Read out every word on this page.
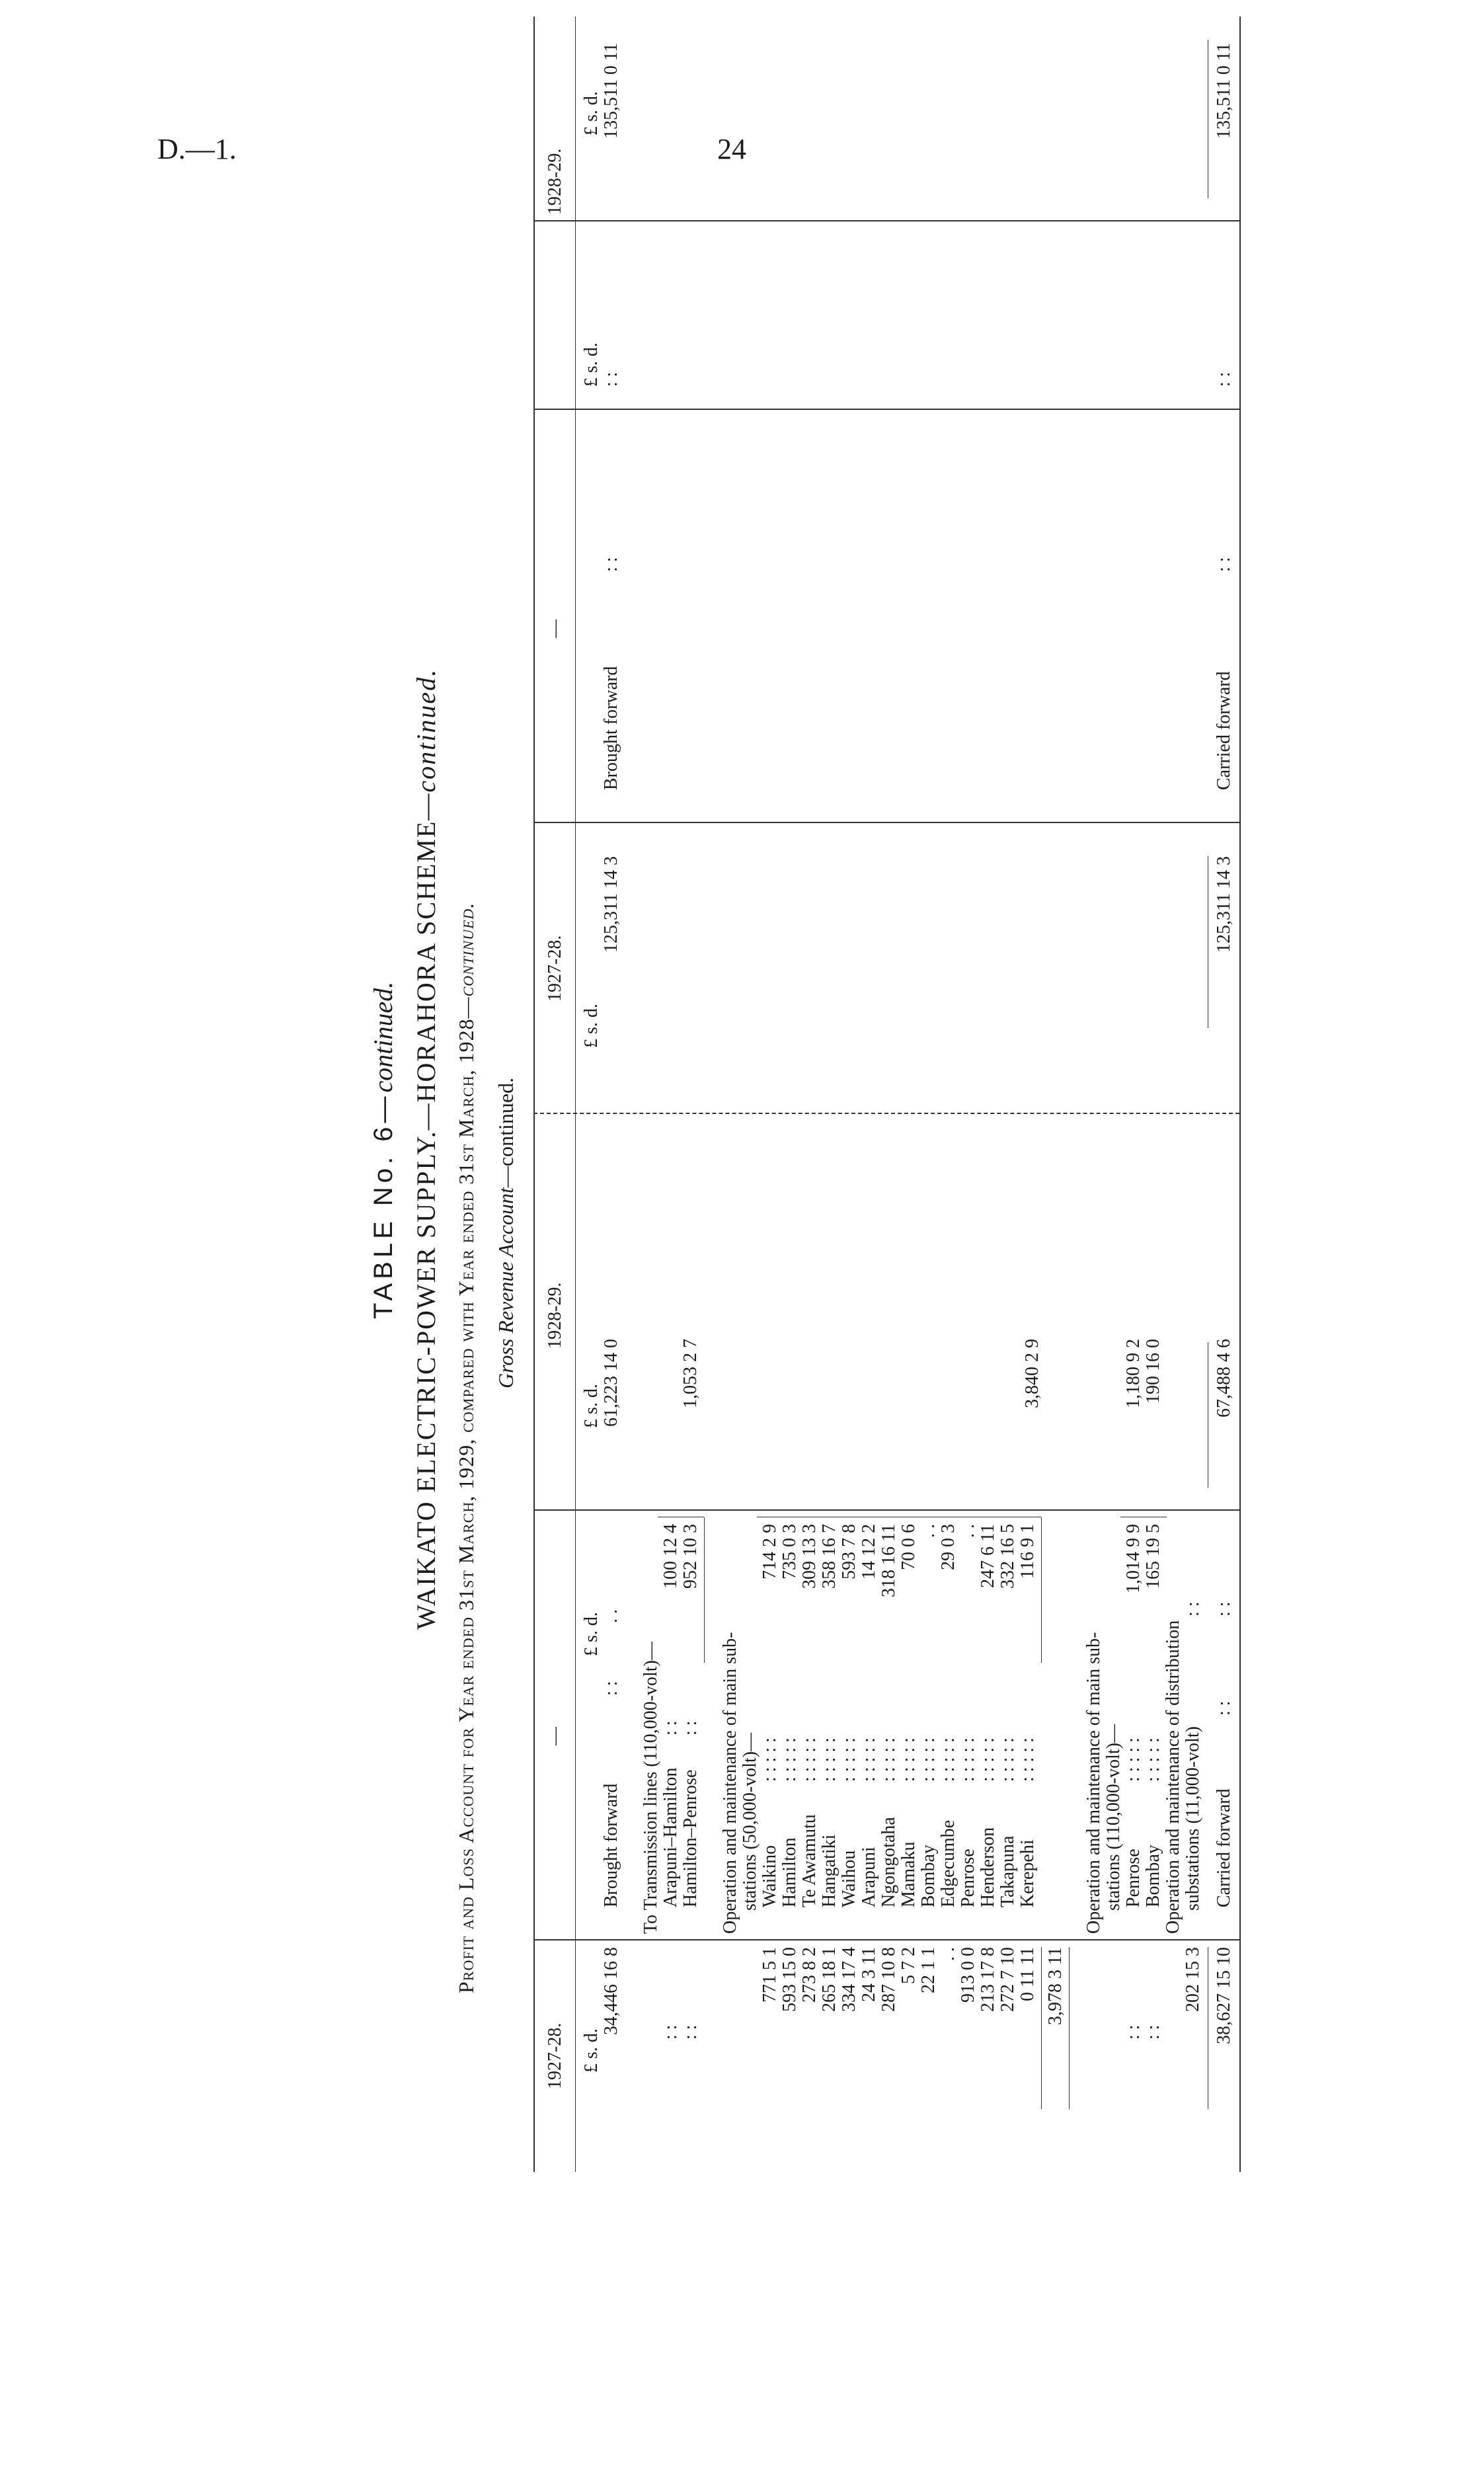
D.—1.	24
TABLE No. 6—continued. WAIKATO ELECTRIC-POWER SUPPLY.—HORAHORA SCHEME—continued.
Profit and Loss Account for Year ended 31st March, 1929, compared with Year ended 31st March, 1928—continued.
Gross Revenue Account—continued.
1927-28.
—
1928-29.
1927-28.
—
1928-29.
£ s. d.
£ s. d.
£ s. d.
£ s. d.
£ s. d.
£ s. d.
34,446 16 8
Brought forward
: :
. .
61,223 14 0
To Transmission lines (110,000-volt)— Arapuni–Hamilton
: :
: :
100 12 4
Hamilton–Penrose
: :
: :
952 10 3
1,053 2 7
Operation and maintenance of main sub- stations (50,000-volt)— Waikino Hamilton Te Awamutu Hangatiki Waihou Arapuni Ngongotaha Mamaku Bombay Edgecumbe Penrose Henderson Takapuna Kerepehi
: : : : : : : : : : : : : : : : : : : : : : : : : : : : : : : : : : : : : : : : : : : : : : : : : : : : : : : : : : : : : : : : : : : : : :
771 5 1 593 15 0 273 8 2 265 18 1 334 17 4 24 3 11 287 10 8 5 7 2 22 1 1 . . 913 0 0 213 17 8 272 7 10 0 11 11
714 2 9 735 0 3 309 13 3 358 16 7 593 7 8 14 12 2 318 16 11 70 0 6 . . 29 0 3 . . 247 6 11 332 16 5 116 9 1
3,978 3 11
3,840 2 9
Operation and maintenance of main sub- stations (110,000-volt)— Penrose Bombay
: : : : : : : : : :
: : : :
1,014 9 9 165 19 5
1,180 9 2 190 16 0
Operation and maintenance of distribution substations (11,000-volt)
202 15 3
: :
38,627 15 10
Carried forward
: :
: :
67,488 4 6
125,311 14 3
Brought forward
: :
: :
135,511 0 11
125,311 14 3
Carried forward
: :
: :
135,511 0 11
